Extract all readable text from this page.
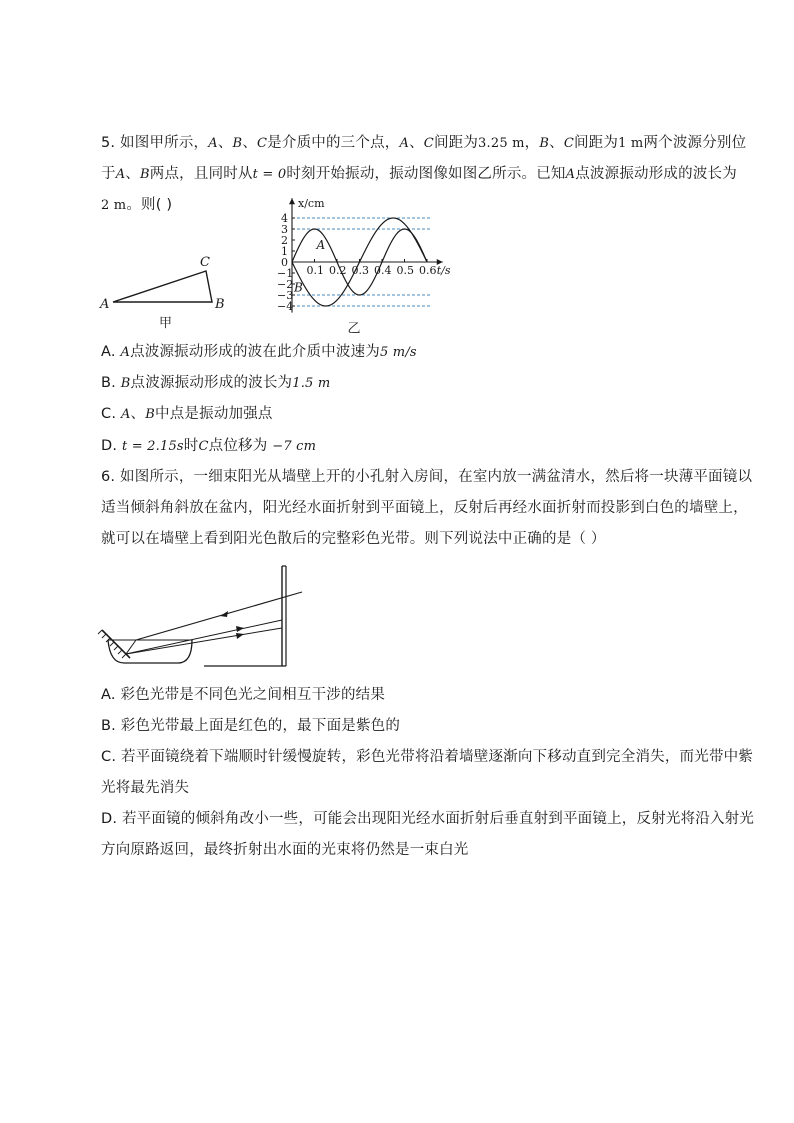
5. 如图甲所示，A、B、C是介质中的三个点，A、C间距为3.25 m，B、C间距为1 m两个波源分别位
于A、B两点，且同时从t = 0时刻开始振动，振动图像如图乙所示。已知A点波源振动形成的波长为
2 m。则( )
A	B
C
甲
0.1 0.2 0.3 0.4 0.5 0.6
4
3
2
1
−1
−2
−3
−4
0
x/cm
t/s
A
B
乙
A. A点波源振动形成的波在此介质中波速为5 m/s
B. B点波源振动形成的波长为1.5 m
C. A、B中点是振动加强点
D. t = 2.15s时C点位移为 −7 cm
6. 如图所示，一细束阳光从墙壁上开的小孔射入房间，在室内放一满盆清水，然后将一块薄平面镜以
适当倾斜角斜放在盆内，阳光经水面折射到平面镜上，反射后再经水面折射而投影到白色的墙壁上，
就可以在墙壁上看到阳光色散后的完整彩色光带。则下列说法中正确的是（ ）
A. 彩色光带是不同色光之间相互干涉的结果
B. 彩色光带最上面是红色的，最下面是紫色的
C. 若平面镜绕着下端顺时针缓慢旋转，彩色光带将沿着墙壁逐渐向下移动直到完全消失，而光带中紫
光将最先消失
D. 若平面镜的倾斜角改小一些，可能会出现阳光经水面折射后垂直射到平面镜上，反射光将沿入射光
方向原路返回，最终折射出水面的光束将仍然是一束白光
